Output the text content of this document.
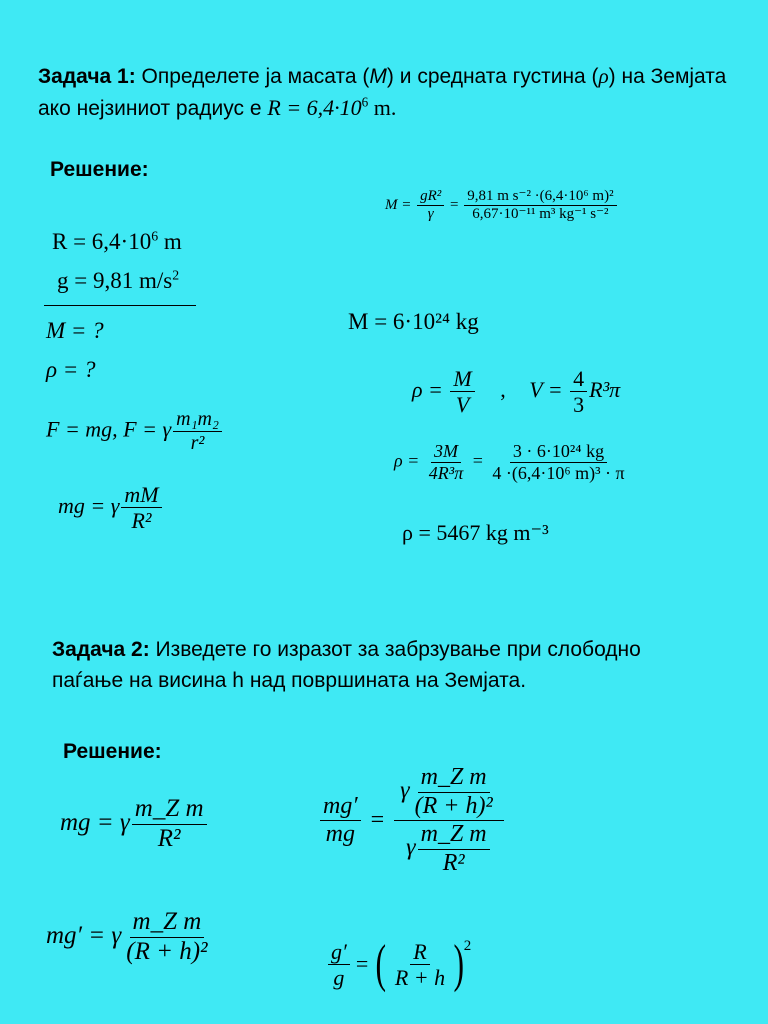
Задача 1: Определете ја масата (M) и средната густина (ρ) на Земјата ако нејзиниот радиус е $R = 6,4\cdot 10^6$ m.
Решение:
$R = 6,4\cdot 10^6$ m
g = 9,81 $m/s^2$
M = ?
ρ = ?
F = mg, F = γ $\frac{\text{m₁m₂}}{\text{r²}}$
mg = γ $\frac{mM}{\text{R²}}$
$M = \frac{\text{gR²}}{\gamma} = \frac{\text{9,81 m s⁻² ·(6,4·10⁶ m)²}}{\text{6,67·10⁻¹¹ m³ kg⁻¹ s⁻²}}$
M = 6·10²⁴ kg
$\rho = \frac{M}{V}$ , $V = \frac{4}{3} R^3\pi$
$\rho = \frac{3M}{\text{4R³π}} = \frac{\text{3 · 6·10²⁴ kg}}{\text{4 ·(6,4·10⁶ m)³ · π}}$
ρ = 5467 kg m⁻³
Задача 2: Изведете го изразот за забрзување при слободно паѓање на висина h над површината на Земјата.
Решение:
mg = γ $\frac{\text{m\_Z m}}{\text{R²}}$
mg′ = γ $\frac{\text{m\_Z m}}{\text{(R + h)²}}$
$\frac{mg'}{mg} = \frac{\gamma \frac{\text{m\_Z m}}{\text{(R + h)²}}}{\gamma \frac{\text{m\_Z m}}{\text{R²}}}$
$\frac{g'}{g}$ = ( $\frac{R}{R + h}$ ) 2
